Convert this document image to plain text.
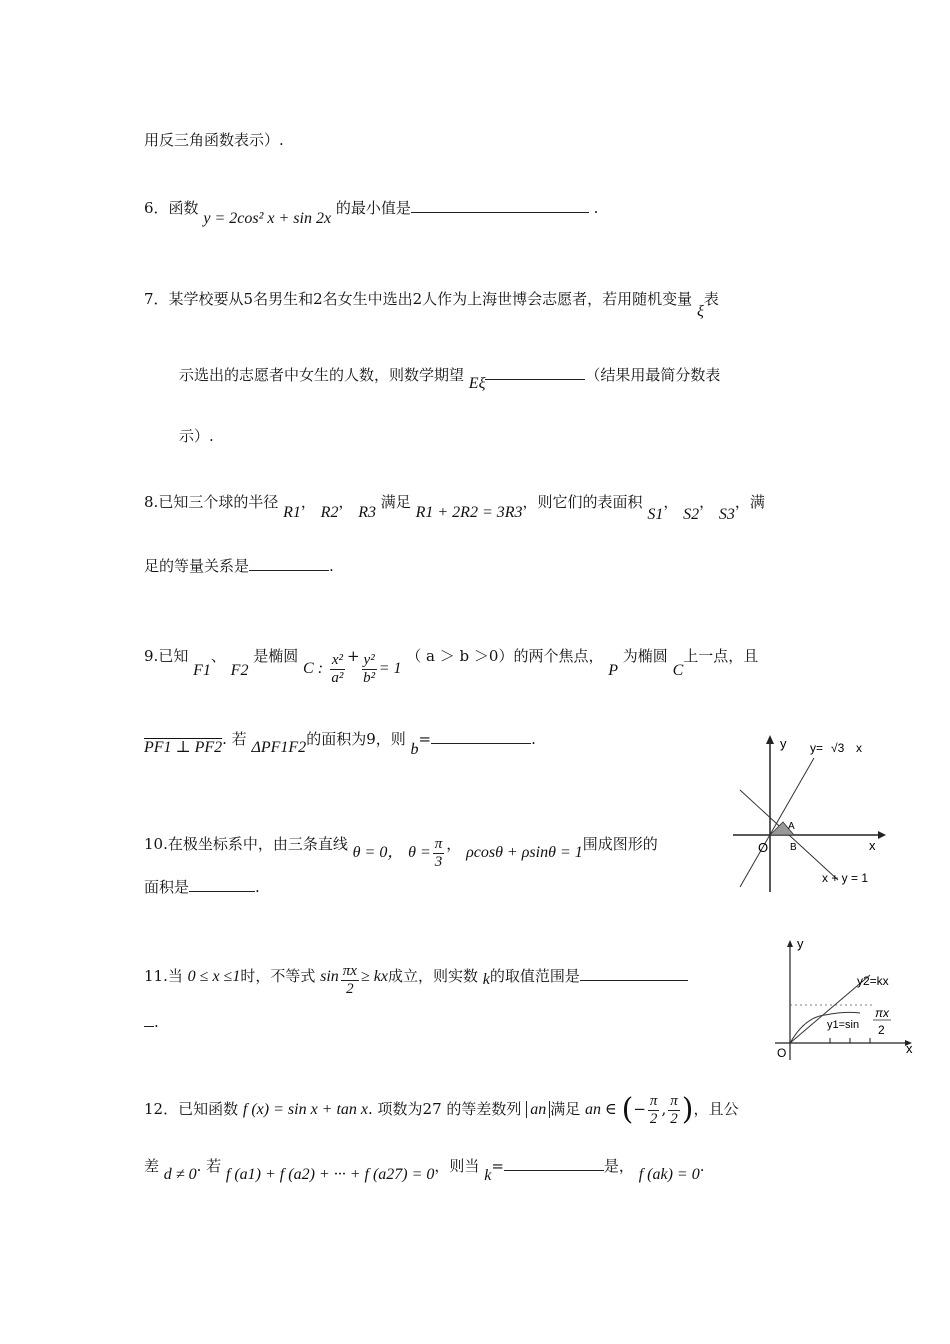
用反三角函数表示）.
6．函数 y = 2cos² x + sin 2x 的最小值是	.
7．某学校要从5名男生和2名女生中选出2人作为上海世博会志愿者，若用随机变量 ξ表
示选出的志愿者中女生的人数，则数学期望 Eξ	（结果用最简分数表
示）.
8.已知三个球的半径 R1， R2， R3 满足 R1 + 2R2 = 3R3，则它们的表面积 S1， S2， S3，满
足的等量关系是	.
9.已知 F1、 F2 是椭圆 C : $\frac{\text{x²}}{\text{a²}} + \frac{\text{y²}}{\text{b²}} = 1$ （ a ＞ b ＞0）的两个焦点， P 为椭圆 C上一点，且
PF1 ⊥ PF2. 若 ΔPF1F2的面积为9，则 b=	.
10.在极坐标系中，由三条直线 θ = 0， $\theta = \frac{\pi}{3}$ ， ρcosθ + ρsinθ = 1围成图形的
面积是	.
11.当 0 ≤ x ≤1时，不等式 $\sin \frac{\pi x}{2}$ ≥ kx成立，则实数 k的取值范围是
.
12．已知函数 f (x) = sin x + tan x. 项数为27 的等差数列 an 满足 an ∈ (− $\frac{\pi}{2}$ , $\frac{\pi}{2}$ )，且公
差 d ≠ 0. 若 f (a1) + f (a2) + ··· + f (a27) = 0，则当 k=	是， f (ak) = 0.
y
x
y= √3 x
A
B
O
x + y = 1
y
x
O
y2=kx
y1=sin
πx
2
